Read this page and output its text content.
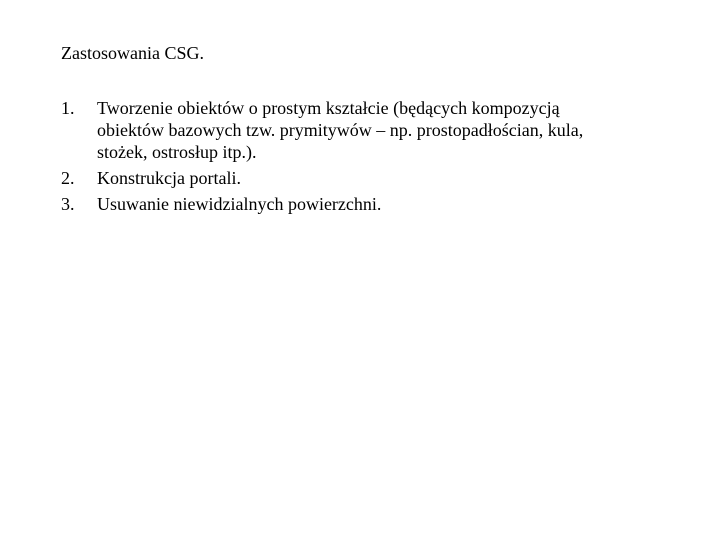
Zastosowania CSG.
1.	Tworzenie obiektów o prostym kształcie (będących kompozycją
obiektów bazowych tzw. prymitywów – np. prostopadłościan, kula,
stożek, ostrosłup itp.).
2.	Konstrukcja portali.
3.	Usuwanie niewidzialnych powierzchni.
